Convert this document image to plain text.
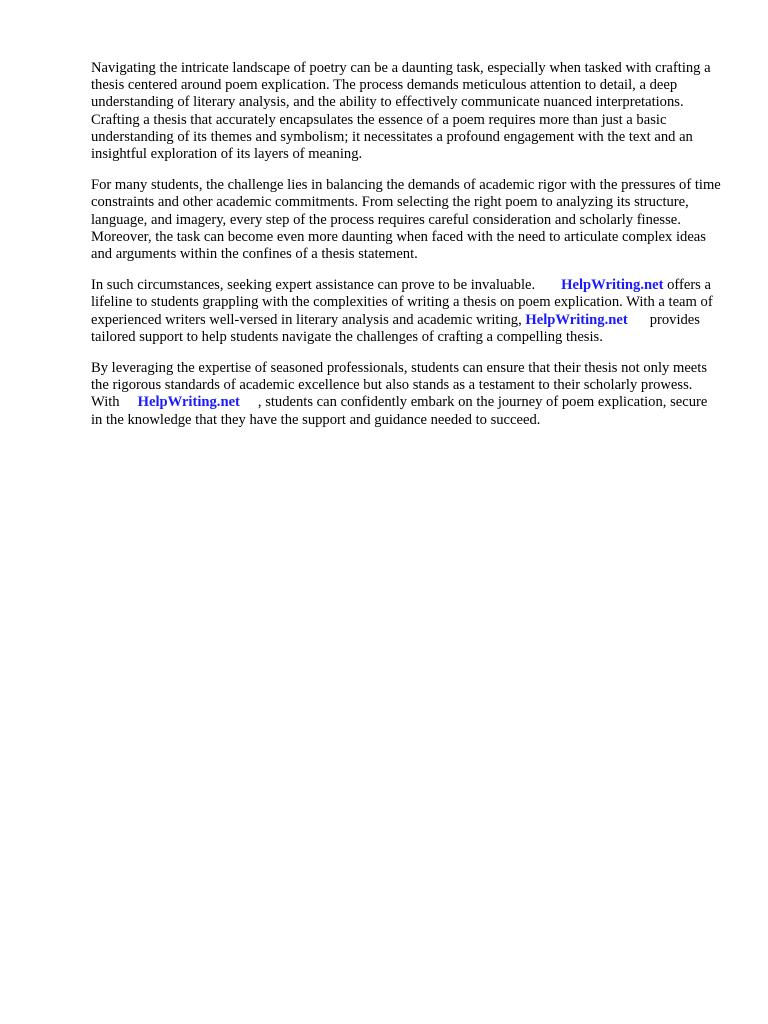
Navigating the intricate landscape of poetry can be a daunting task, especially when tasked with crafting a thesis centered around poem explication. The process demands meticulous attention to detail, a deep understanding of literary analysis, and the ability to effectively communicate nuanced interpretations. Crafting a thesis that accurately encapsulates the essence of a poem requires more than just a basic understanding of its themes and symbolism; it necessitates a profound engagement with the text and an insightful exploration of its layers of meaning.

For many students, the challenge lies in balancing the demands of academic rigor with the pressures of time constraints and other academic commitments. From selecting the right poem to analyzing its structure, language, and imagery, every step of the process requires careful consideration and scholarly finesse. Moreover, the task can become even more daunting when faced with the need to articulate complex ideas and arguments within the confines of a thesis statement.

In such circumstances, seeking expert assistance can prove to be invaluable. HelpWriting.net offers a lifeline to students grappling with the complexities of writing a thesis on poem explication. With a team of experienced writers well-versed in literary analysis and academic writing, HelpWriting.net provides tailored support to help students navigate the challenges of crafting a compelling thesis.

By leveraging the expertise of seasoned professionals, students can ensure that their thesis not only meets the rigorous standards of academic excellence but also stands as a testament to their scholarly prowess. With HelpWriting.net , students can confidently embark on the journey of poem explication, secure in the knowledge that they have the support and guidance needed to succeed.
